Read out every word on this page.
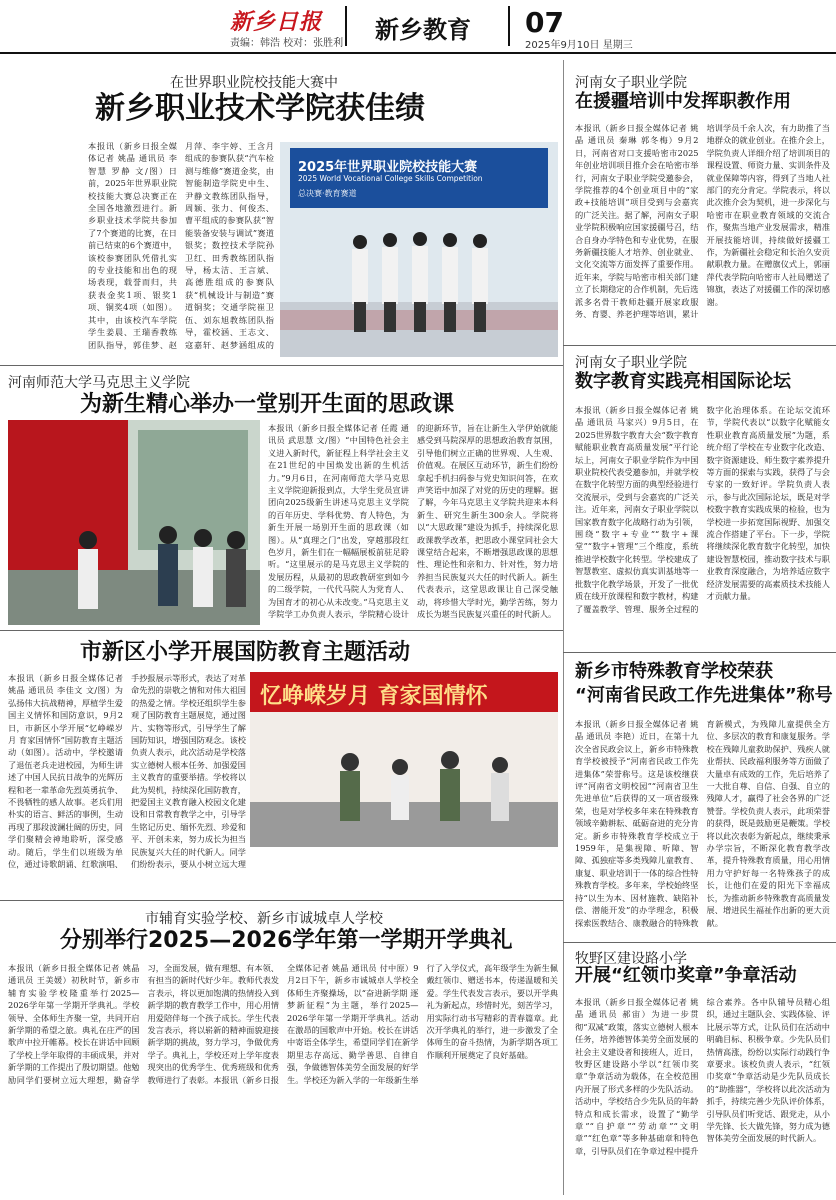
新乡日报
责编：韩浩 校对：张胜利 新乡教育 07
2025年9月10日 星期三
在世界职业院校技能大赛中
新乡职业技术学院获佳绩
本报讯（新乡日报全媒体记者 姚晶 通讯员 李智慧 罗静 文/图）日前，2025年世界职业院校技能大赛总决赛正在全国各地激烈进行。新乡职业技术学院共参加了7个赛道的比赛，在日前已结束的6个赛道中，该校参赛团队凭借扎实的专业技能和出色的现场表现，载誉而归，共获表金奖1项、银奖1项、铜奖4项（如图）。其中，由该校汽车学院学生姜晨、王瑞香教练团队指导，郭佳梦、赵月萍、李宇婷、王含月组成的参赛队获“汽车检测与维修”赛道金奖，由智能制造学院史中生、尹静文教练团队指导，周颖、张力、何俊杰、曹平组成的参赛队获“智能装备安装与调试”赛道银奖；数控技术学院孙卫红、田秀教练团队指导，杨太洁、王言斌、高德胜组成的参赛队获“机械设计与制造”赛道铜奖；交通学院崔卫伍、刘东旭教练团队指导，霍校涵、王志文、寇嘉轩、赵梦涵组成的
2025年世界职业院校技能大赛
2025 World Vocational College Skills Competition
总决赛·教育赛道
河南女子职业学院
在援疆培训中发挥职教作用
本报讯（新乡日报全媒体记者 姚晶 通讯员 秦琳 郭冬梅）9月2日，河南省对口支援哈密市2025年创业培训项目推介会在哈密市举行，河南女子职业学院受邀参会，学院推荐的4个创业项目中的“家政+技能培训”项目受到与会嘉宾的广泛关注。据了解，河南女子职业学院积极响应国家援疆号召，结合自身办学特色和专业优势，在服务新疆技能人才培养、创业就业、文化交流等方面发挥了重要作用。近年来，学院与哈密市相关部门建立了长期稳定的合作机制，先后选派多名骨干教师赴疆开展家政服务、育婴、养老护理等培训，累计培训学员千余人次，有力助推了当地群众的就业创业。在推介会上，学院负责人详细介绍了培训项目的课程设置、师资力量、实训条件及就业保障等内容，得到了当地人社部门的充分肯定。学院表示，将以此次推介会为契机，进一步深化与哈密市在职业教育领域的交流合作，聚焦当地产业发展需求，精准开展技能培训，持续做好援疆工作，为新疆社会稳定和长治久安贡献职教力量。在赠旗仪式上，郭丽萍代表学院向哈密市人社局赠送了锦旗，表达了对援疆工作的深切感谢。
河南师范大学马克思主义学院
为新生精心举办一堂别开生面的思政课
本报讯（新乡日报全媒体记者 任霞 通讯员 武思慧 文/图）“中国特色社会主义进入新时代，新征程上科学社会主义在21世纪的中国焕发出新的生机活力。”9月6日，在河南师范大学马克思主义学院迎新报到点，大学生党员宣讲团向2025级新生讲述马克思主义学院的百年历史、学科优势、育人特色，为新生开展一场别开生面的思政课（如图）。从“真理之门”出发，穿越那段红色岁月，新生们在一幅幅展板前驻足聆听。“这里展示的是马克思主义学院的发展历程，从最初的思政教研室到如今的二级学院，一代代马院人为党育人、为国育才的初心从未改变。”马克思主义学院学工办负责人表示，学院精心设计的迎新环节，旨在让新生入学伊始就能感受到马院深厚的思想政治教育氛围，引导他们树立正确的世界观、人生观、价值观。在展区互动环节，新生们纷纷拿起手机扫码参与党史知识问答，在欢声笑语中加深了对党的历史的理解。据了解，今年马克思主义学院共迎来本科新生、研究生新生300余人。学院将以“大思政课”建设为抓手，持续深化思政课教学改革，把思政小课堂同社会大课堂结合起来，不断增强思政课的思想性、理论性和亲和力、针对性，努力培养担当民族复兴大任的时代新人。新生代表表示，这堂思政课让自己深受触动，将珍惜大学时光，勤学苦练，努力成长为堪当民族复兴重任的时代新人。
河南女子职业学院
数字教育实践亮相国际论坛
本报讯（新乡日报全媒体记者 姚晶 通讯员 马家兴）9月5日，在2025世界数字教育大会“数字教育赋能职业教育高质量发展”平行论坛上，河南女子职业学院作为中国职业院校代表受邀参加，并就学校在数字化转型方面的典型经验进行交流展示，受到与会嘉宾的广泛关注。近年来，河南女子职业学院以国家教育数字化战略行动为引领，围绕“数字+专业”“数字+课堂”“数字+管理”三个维度，系统推进学校数字化转型。学校建成了智慧教室、虚拟仿真实训基地等一批数字化教学场景，开发了一批优质在线开放课程和数字教材，构建了覆盖教学、管理、服务全过程的数字化治理体系。在论坛交流环节，学院代表以“以数字化赋能女性职业教育高质量发展”为题，系统介绍了学校在专业数字化改造、数字资源建设、师生数字素养提升等方面的探索与实践，获得了与会专家的一致好评。学院负责人表示，参与此次国际论坛，既是对学校数字教育实践成果的检验，也为学校进一步拓宽国际视野、加强交流合作搭建了平台。下一步，学院将继续深化教育数字化转型，加快建设智慧校园，推动数字技术与职业教育深度融合，为培养适应数字经济发展需要的高素质技术技能人才贡献力量。
市新区小学开展国防教育主题活动
本报讯（新乡日报全媒体记者 姚晶 通讯员 李佳文 文/图）为弘扬伟大抗战精神，厚植学生爱国主义情怀和国防意识，9月2日，市新区小学开展“忆峥嵘岁月 育家国情怀”国防教育主题活动（如图）。活动中，学校邀请了退伍老兵走进校园，为师生讲述了中国人民抗日战争的光辉历程和老一辈革命先烈英勇抗争、不畏牺牲的感人故事。老兵们用朴实的语言、鲜活的事例，生动再现了那段波澜壮阔的历史，同学们聚精会神地聆听，深受感动。随后，学生们以班级为单位，通过诗歌朗诵、红歌演唱、手抄报展示等形式，表达了对革命先烈的崇敬之情和对伟大祖国的热爱之情。学校还组织学生参观了国防教育主题展览，通过图片、实物等形式，引导学生了解国防知识，增强国防观念。该校负责人表示，此次活动是学校落实立德树人根本任务、加强爱国主义教育的重要举措。学校将以此为契机，持续深化国防教育，把爱国主义教育融入校园文化建设和日常教育教学之中，引导学生铭记历史、缅怀先烈、珍爱和平、开创未来，努力成长为担当民族复兴大任的时代新人。同学们纷纷表示，要从小树立远大理
忆峥嵘岁月 育家国情怀
新乡市特殊教育学校荣获
“河南省民政工作先进集体”称号
本报讯（新乡日报全媒体记者 姚晶 通讯员 李艳）近日，在第十九次全省民政会议上，新乡市特殊教育学校被授予“河南省民政工作先进集体”荣誉称号。这是该校继获评“河南省文明校园”“河南省卫生先进单位”后获得的又一项省级殊荣，也是对学校多年来在特殊教育领域辛勤耕耘、砥砺奋进的充分肯定。新乡市特殊教育学校成立于1959年，是集视障、听障、智障、孤独症等多类残障儿童教育、康复、职业培训于一体的综合性特殊教育学校。多年来，学校始终坚持“以生为本、因材施教、缺陷补偿、潜能开发”的办学理念，积极探索医教结合、康教融合的特殊教育新模式，为残障儿童提供全方位、多层次的教育和康复服务。学校在残障儿童救助保护、残疾人就业帮扶、民政福利服务等方面做了大量卓有成效的工作，先后培养了一大批自尊、自信、自强、自立的残障人才，赢得了社会各界的广泛赞誉。学校负责人表示，此项荣誉的获得，既是鼓励更是鞭策。学校将以此次表彰为新起点，继续秉承办学宗旨，不断深化教育教学改革，提升特殊教育质量，用心用情用力守护好每一名特殊孩子的成长，让他们在爱的阳光下幸福成长，为推动新乡特殊教育高质量发展、增进民生福祉作出新的更大贡献。
市辅育实验学校、新乡市诚城卓人学校
分别举行2025—2026学年第一学期开学典礼
本报讯（新乡日报全媒体记者 姚晶 通讯员 王美媛）初秋时节，新乡市辅育实验学校隆重举行2025—2026学年第一学期开学典礼。学校领导、全体师生齐聚一堂，共同开启新学期的希望之旅。典礼在庄严的国歌声中拉开帷幕。校长在讲话中回顾了学校上学年取得的丰硕成果，并对新学期的工作提出了殷切期望。他勉励同学们要树立远大理想，勤奋学习，全面发展，做有理想、有本领、有担当的新时代好少年。教师代表发言表示，将以更加饱满的热情投入到新学期的教育教学工作中，用心用情用爱陪伴每一个孩子成长。学生代表发言表示，将以崭新的精神面貌迎接新学期的挑战，努力学习，争做优秀学子。典礼上，学校还对上学年度表现突出的优秀学生、优秀班级和优秀教师进行了表彰。本报讯（新乡日报全媒体记者 姚晶 通讯员 付中原）9月2日下午，新乡市诚城卓人学校全体师生齐聚操场，以“奋进新学期 逐梦新征程”为主题，举行2025—2026学年第一学期开学典礼。活动在激昂的国歌声中开始。校长在讲话中寄语全体学生，希望同学们在新学期里志存高远、勤学善思、自律自强，争做德智体美劳全面发展的好学生。学校还为新入学的一年级新生举行了入学仪式，高年级学生为新生佩戴红领巾、赠送书本，传递温暖和关爱。学生代表发言表示，要以开学典礼为新起点，珍惜时光，刻苦学习，用实际行动书写精彩的青春篇章。此次开学典礼的举行，进一步激发了全体师生的奋斗热情，为新学期各项工作顺利开展奠定了良好基础。
牧野区建设路小学
开展“红领巾奖章”争章活动
本报讯（新乡日报全媒体记者 姚晶 通讯员 郝宙）为进一步贯彻“双减”政策，落实立德树人根本任务，培养德智体美劳全面发展的社会主义建设者和接班人，近日，牧野区建设路小学以“红领巾奖章”争章活动为载体，在全校范围内开展了形式多样的少先队活动。活动中，学校结合少先队员的年龄特点和成长需求，设置了“勤学章”“自护章”“劳动章”“文明章”“红色章”等多种基础章和特色章，引导队员们在争章过程中提升综合素养。各中队辅导员精心组织，通过主题队会、实践体验、评比展示等方式，让队员们在活动中明确目标、积极争章。少先队员们热情高涨，纷纷以实际行动践行争章要求。该校负责人表示，“红领巾奖章”争章活动是少先队员成长的“助推器”，学校将以此次活动为抓手，持续完善少先队评价体系，引导队员们听党话、跟党走，从小学先锋、长大做先锋，努力成为德智体美劳全面发展的时代新人。
